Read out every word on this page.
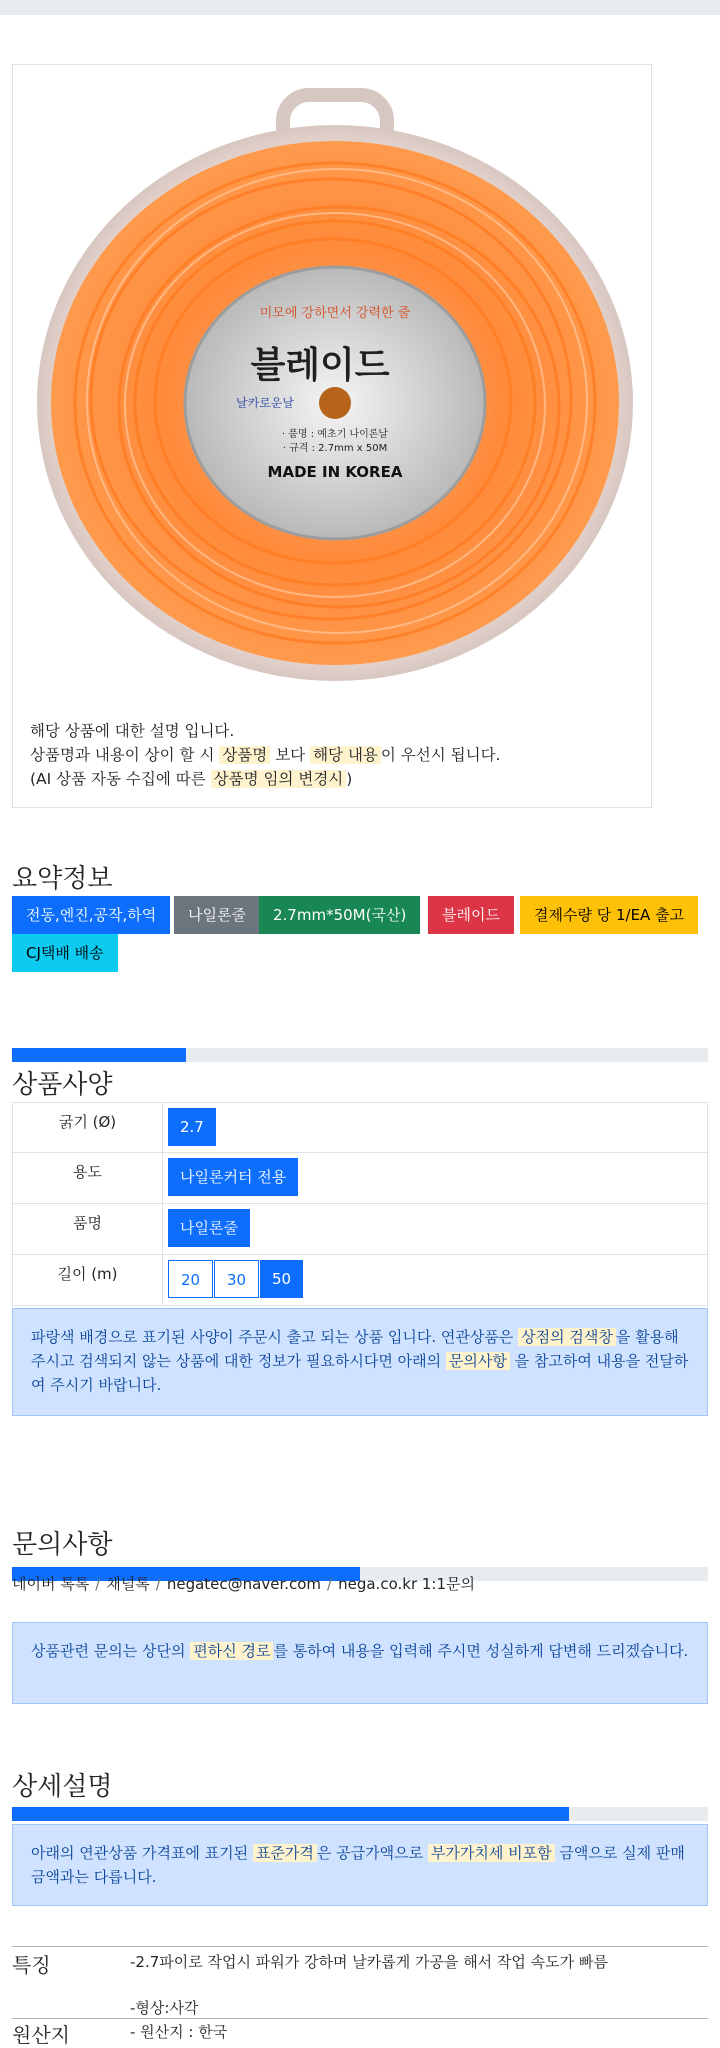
미모에 강하면서 강력한 줄
블레이드
날카로운날
· 품명 : 예초기 나이론날
· 규격 : 2.7mm x 50M
MADE IN KOREA
해당 상품에 대한 설명 입니다.
상품명과 내용이 상이 할 시 상품명 보다 해당 내용 이 우선시 됩니다.
(AI 상품 자동 수집에 따른 상품명 임의 변경시 )
요약정보
전동,엔진,공작,하역	나일론줄	2.7mm*50M(국산)	블레이드	결제수량 당 1/EA 출고
CJ택배 배송
상품사양
굵기 (Ø)	2.7
용도	나일론커터 전용
품명	나일론줄
길이 (m)	20	30	50
파랑색 배경으로 표기된 사양이 주문시 출고 되는 상품 입니다. 연관상품은 상점의 검색창 을 활용해 주시고 검색되지 않는 상품에 대한 정보가 필요하시다면 아래의 문의사항 을 참고하여 내용을 전달하여 주시기 바랍니다.
문의사항
네이버 톡톡 / 채널톡 / negatec@naver.com / nega.co.kr 1:1문의
상품관련 문의는 상단의 편하신 경로 를 통하여 내용을 입력해 주시면 성실하게 답변해 드리겠습니다.
상세설명
아래의 연관상품 가격표에 표기된 표준가격 은 공급가액으로 부가가치세 비포함 금액으로 실제 판매금액과는 다릅니다.
특징	-2.7파이로 작업시 파워가 강하며 날카롭게 가공을 해서 작업 속도가 빠름
-형상:사각
원산지	- 원산지 : 한국
